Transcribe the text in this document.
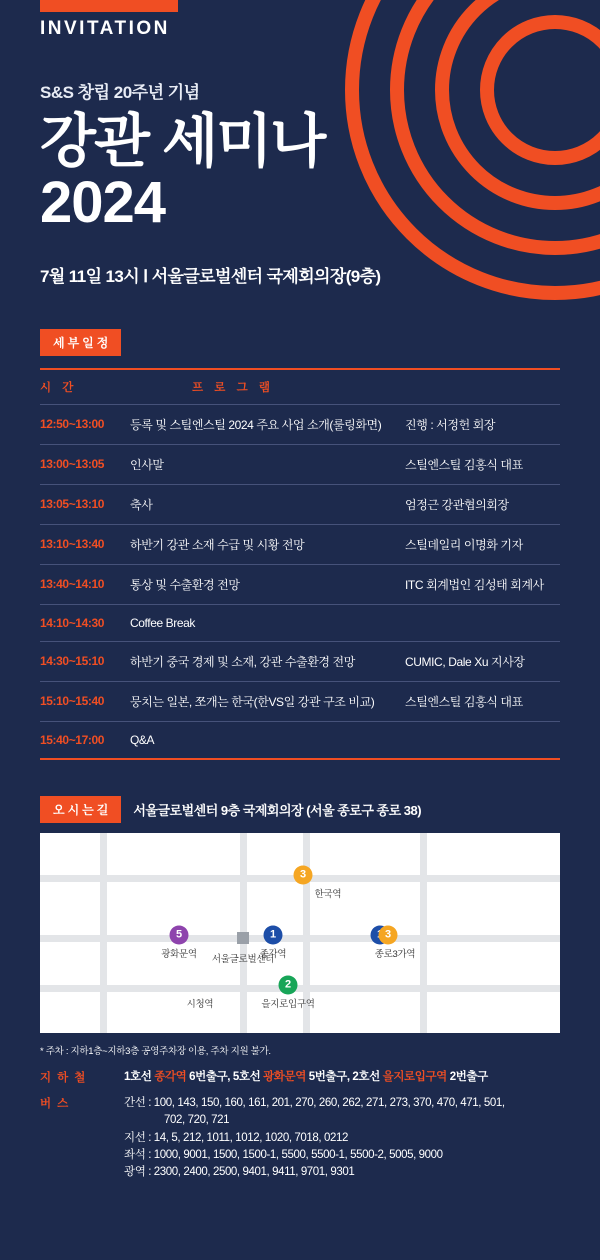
INVITATION
S&S 창립 20주년 기념
강관 세미나
2024
7월 11일 13시 Ⅰ 서울글로벌센터 국제회의장(9층)
세부일정
시 간	프 로 그 램	
12:50~13:00	등록 및 스틸엔스틸 2024 주요 사업 소개(룰링화면)	진행 : 서정헌 회장
13:00~13:05	인사말	스틸엔스틸 김홍식 대표
13:05~13:10	축사	엄정근 강관협의회장
13:10~13:40	하반기 강관 소재 수급 및 시황 전망	스틸데일리 이명화 기자
13:40~14:10	통상 및 수출환경 전망	ITC 회계법인 김성태 회계사
14:10~14:30	Coffee Break	
14:30~15:10	하반기 중국 경제 및 소재, 강관 수출환경 전망	CUMIC, Dale Xu 지사장
15:10~15:40	뭉치는 일본, 쪼개는 한국(한VS일 강관 구조 비교)	스틸엔스틸 김홍식 대표
15:40~17:00	Q&A	
오시는길	서울글로벌센터 9층 국제회의장 (서울 종로구 종로 38)
3
한국역
5
광화문역
1
종각역
서울글로벌센터
3
종로3가역
2
을지로입구역
시청역
* 주차 : 지하1층~지하3층 공영주차장 이용, 주차 지원 불가.
지하철	1호선 종각역 6번출구, 5호선 광화문역 5번출구, 2호선 을지로입구역 2번출구
버스	간선 : 100, 143, 150, 160, 161, 201, 270, 260, 262, 271, 273, 370, 470, 471, 501,
702, 720, 721
지선 : 14, 5, 212, 1011, 1012, 1020, 7018, 0212
좌석 : 1000, 9001, 1500, 1500-1, 5500, 5500-1, 5500-2, 5005, 9000
광역 : 2300, 2400, 2500, 9401, 9411, 9701, 9301
